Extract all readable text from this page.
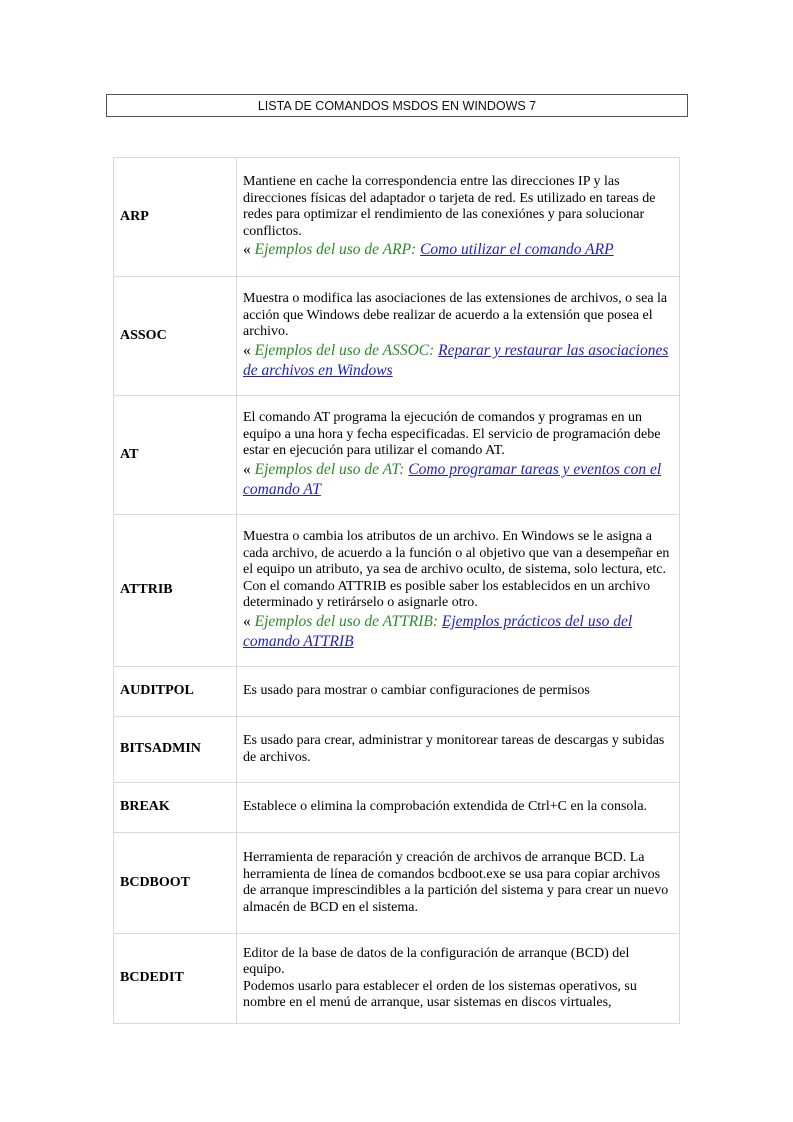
LISTA DE COMANDOS MSDOS EN WINDOWS 7
ARP	Mantiene en cache la correspondencia entre las direcciones IP y las direcciones físicas del adaptador o tarjeta de red. Es utilizado en tareas de redes para optimizar el rendimiento de las conexiónes y para solucionar conflictos.
« Ejemplos del uso de ARP: Como utilizar el comando ARP

ASSOC	Muestra o modifica las asociaciones de las extensiones de archivos, o sea la acción que Windows debe realizar de acuerdo a la extensión que posea el archivo.
« Ejemplos del uso de ASSOC: Reparar y restaurar las asociaciones de archivos en Windows

AT	El comando AT programa la ejecución de comandos y programas en un equipo a una hora y fecha especificadas. El servicio de programación debe estar en ejecución para utilizar el comando AT.
« Ejemplos del uso de AT: Como programar tareas y eventos con el comando AT

ATTRIB	Muestra o cambia los atributos de un archivo. En Windows se le asigna a cada archivo, de acuerdo a la función o al objetivo que van a desempeñar en el equipo un atributo, ya sea de archivo oculto, de sistema, solo lectura, etc. Con el comando ATTRIB es posible saber los establecidos en un archivo determinado y retirárselo o asignarle otro.
« Ejemplos del uso de ATTRIB: Ejemplos prácticos del uso del comando ATTRIB

AUDITPOL	Es usado para mostrar o cambiar configuraciones de permisos
BITSADMIN	Es usado para crear, administrar y monitorear tareas de descargas y subidas de archivos.
BREAK	Establece o elimina la comprobación extendida de Ctrl+C en la consola.
BCDBOOT	Herramienta de reparación y creación de archivos de arranque BCD. La herramienta de línea de comandos bcdboot.exe se usa para copiar archivos de arranque imprescindibles a la partición del sistema y para crear un nuevo almacén de BCD en el sistema.
BCDEDIT	Editor de la base de datos de la configuración de arranque (BCD) del equipo.
Podemos usarlo para establecer el orden de los sistemas operativos, su nombre en el menú de arranque, usar sistemas en discos virtuales,
